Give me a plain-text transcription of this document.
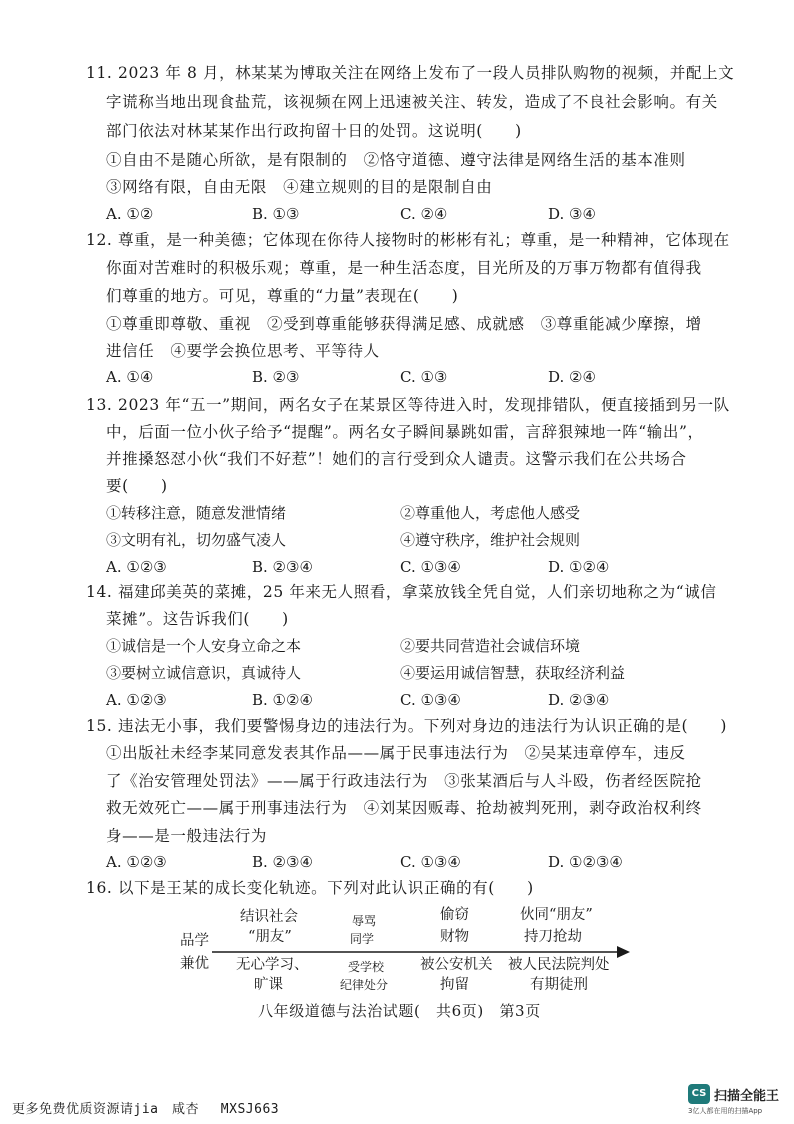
11. 2023 年 8 月，林某某为博取关注在网络上发布了一段人员排队购物的视频，并配上文
字谎称当地出现食盐荒，该视频在网上迅速被关注、转发，造成了不良社会影响。有关
部门依法对林某某作出行政拘留十日的处罚。这说明(　　)
①自由不是随心所欲，是有限制的　②恪守道德、遵守法律是网络生活的基本准则
③网络有限，自由无限　④建立规则的目的是限制自由
A. ①②	B. ①③	C. ②④	D. ③④
12. 尊重，是一种美德；它体现在你待人接物时的彬彬有礼；尊重，是一种精神，它体现在
你面对苦难时的积极乐观；尊重，是一种生活态度，目光所及的万事万物都有值得我
们尊重的地方。可见，尊重的“力量”表现在(　　)
①尊重即尊敬、重视　②受到尊重能够获得满足感、成就感　③尊重能减少摩擦，增
进信任　④要学会换位思考、平等待人
A. ①④	B. ②③	C. ①③	D. ②④
13. 2023 年“五一”期间，两名女子在某景区等待进入时，发现排错队，便直接插到另一队
中，后面一位小伙子给予“提醒”。两名女子瞬间暴跳如雷，言辞狠辣地一阵“输出”，
并推搡怒怼小伙“我们不好惹”！她们的言行受到众人谴责。这警示我们在公共场合
要(　　)
①转移注意，随意发泄情绪	②尊重他人，考虑他人感受
③文明有礼，切勿盛气凌人	④遵守秩序，维护社会规则
A. ①②③	B. ②③④	C. ①③④	D. ①②④
14. 福建邱美英的菜摊，25 年来无人照看，拿菜放钱全凭自觉，人们亲切地称之为“诚信
菜摊”。这告诉我们(　　)
①诚信是一个人安身立命之本	②要共同营造社会诚信环境
③要树立诚信意识，真诚待人	④要运用诚信智慧，获取经济利益
A. ①②③	B. ①②④	C. ①③④	D. ②③④
15. 违法无小事，我们要警惕身边的违法行为。下列对身边的违法行为认识正确的是(　　)
①出版社未经李某同意发表其作品——属于民事违法行为　②吴某违章停车，违反
了《治安管理处罚法》——属于行政违法行为　③张某酒后与人斗殴，伤者经医院抢
救无效死亡——属于刑事违法行为　④刘某因贩毒、抢劫被判死刑，剥夺政治权利终
身——是一般违法行为
A. ①②③	B. ②③④	C. ①③④	D. ①②③④
16. 以下是王某的成长变化轨迹。下列对此认识正确的有(　　)
品学
兼优
结识社会
“朋友”
辱骂
同学
偷窃
财物
伙同“朋友”
持刀抢劫
无心学习、
旷课
受学校
纪律处分
被公安机关
拘留
被人民法院判处
有期徒刑
八年级道德与法治试题(　共6页)　第3页
更多免费优质资源请jia　咸杏　 MXSJ663
CS 扫描全能王
3亿人都在用的扫描App
